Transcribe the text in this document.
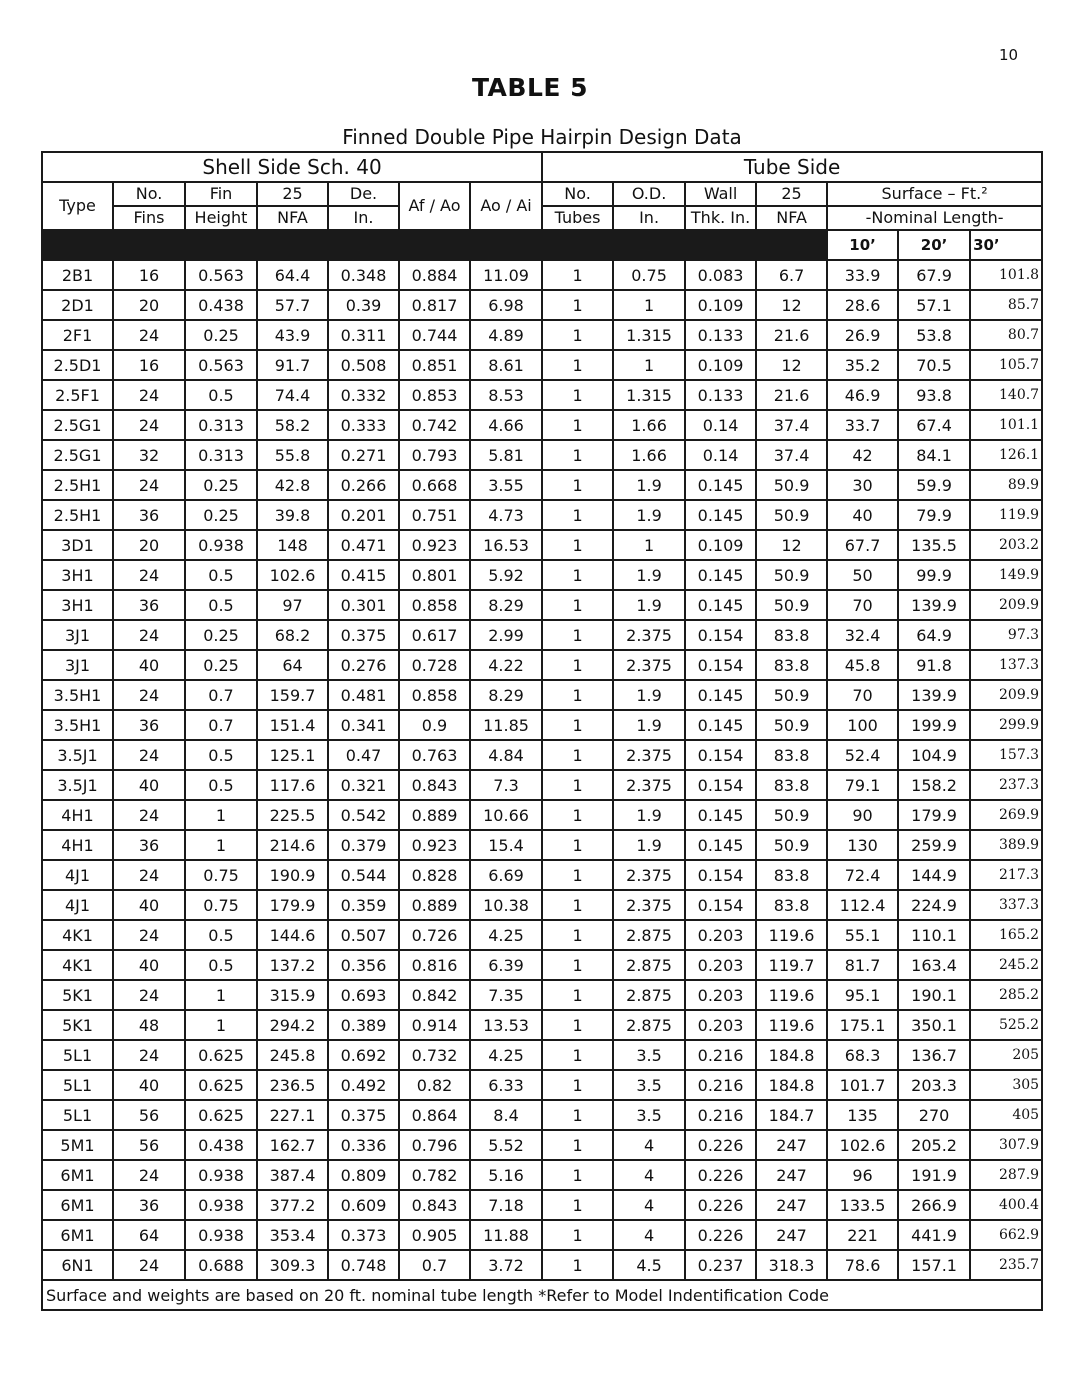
10
TABLE 5
Finned Double Pipe Hairpin Design Data
Shell Side Sch. 40							Tube Side						
Type	No.	Fin	25	De.	Af / Ao	Ao / Ai	No.	O.D.	Wall	25	Surface – Ft.²		
	Fins	Height	NFA	In.			Tubes	In.	Thk. In.	NFA	-Nominal Length-		
											10’	20’	30’
2B1	16	0.563	64.4	0.348	0.884	11.09	1	0.75	0.083	6.7	33.9	67.9	101.8
2D1	20	0.438	57.7	0.39	0.817	6.98	1	1	0.109	12	28.6	57.1	85.7
2F1	24	0.25	43.9	0.311	0.744	4.89	1	1.315	0.133	21.6	26.9	53.8	80.7
2.5D1	16	0.563	91.7	0.508	0.851	8.61	1	1	0.109	12	35.2	70.5	105.7
2.5F1	24	0.5	74.4	0.332	0.853	8.53	1	1.315	0.133	21.6	46.9	93.8	140.7
2.5G1	24	0.313	58.2	0.333	0.742	4.66	1	1.66	0.14	37.4	33.7	67.4	101.1
2.5G1	32	0.313	55.8	0.271	0.793	5.81	1	1.66	0.14	37.4	42	84.1	126.1
2.5H1	24	0.25	42.8	0.266	0.668	3.55	1	1.9	0.145	50.9	30	59.9	89.9
2.5H1	36	0.25	39.8	0.201	0.751	4.73	1	1.9	0.145	50.9	40	79.9	119.9
3D1	20	0.938	148	0.471	0.923	16.53	1	1	0.109	12	67.7	135.5	203.2
3H1	24	0.5	102.6	0.415	0.801	5.92	1	1.9	0.145	50.9	50	99.9	149.9
3H1	36	0.5	97	0.301	0.858	8.29	1	1.9	0.145	50.9	70	139.9	209.9
3J1	24	0.25	68.2	0.375	0.617	2.99	1	2.375	0.154	83.8	32.4	64.9	97.3
3J1	40	0.25	64	0.276	0.728	4.22	1	2.375	0.154	83.8	45.8	91.8	137.3
3.5H1	24	0.7	159.7	0.481	0.858	8.29	1	1.9	0.145	50.9	70	139.9	209.9
3.5H1	36	0.7	151.4	0.341	0.9	11.85	1	1.9	0.145	50.9	100	199.9	299.9
3.5J1	24	0.5	125.1	0.47	0.763	4.84	1	2.375	0.154	83.8	52.4	104.9	157.3
3.5J1	40	0.5	117.6	0.321	0.843	7.3	1	2.375	0.154	83.8	79.1	158.2	237.3
4H1	24	1	225.5	0.542	0.889	10.66	1	1.9	0.145	50.9	90	179.9	269.9
4H1	36	1	214.6	0.379	0.923	15.4	1	1.9	0.145	50.9	130	259.9	389.9
4J1	24	0.75	190.9	0.544	0.828	6.69	1	2.375	0.154	83.8	72.4	144.9	217.3
4J1	40	0.75	179.9	0.359	0.889	10.38	1	2.375	0.154	83.8	112.4	224.9	337.3
4K1	24	0.5	144.6	0.507	0.726	4.25	1	2.875	0.203	119.6	55.1	110.1	165.2
4K1	40	0.5	137.2	0.356	0.816	6.39	1	2.875	0.203	119.7	81.7	163.4	245.2
5K1	24	1	315.9	0.693	0.842	7.35	1	2.875	0.203	119.6	95.1	190.1	285.2
5K1	48	1	294.2	0.389	0.914	13.53	1	2.875	0.203	119.6	175.1	350.1	525.2
5L1	24	0.625	245.8	0.692	0.732	4.25	1	3.5	0.216	184.8	68.3	136.7	205
5L1	40	0.625	236.5	0.492	0.82	6.33	1	3.5	0.216	184.8	101.7	203.3	305
5L1	56	0.625	227.1	0.375	0.864	8.4	1	3.5	0.216	184.7	135	270	405
5M1	56	0.438	162.7	0.336	0.796	5.52	1	4	0.226	247	102.6	205.2	307.9
6M1	24	0.938	387.4	0.809	0.782	5.16	1	4	0.226	247	96	191.9	287.9
6M1	36	0.938	377.2	0.609	0.843	7.18	1	4	0.226	247	133.5	266.9	400.4
6M1	64	0.938	353.4	0.373	0.905	11.88	1	4	0.226	247	221	441.9	662.9
6N1	24	0.688	309.3	0.748	0.7	3.72	1	4.5	0.237	318.3	78.6	157.1	235.7
Surface and weights are based on 20 ft. nominal tube length *Refer to Model Indentification Code													
